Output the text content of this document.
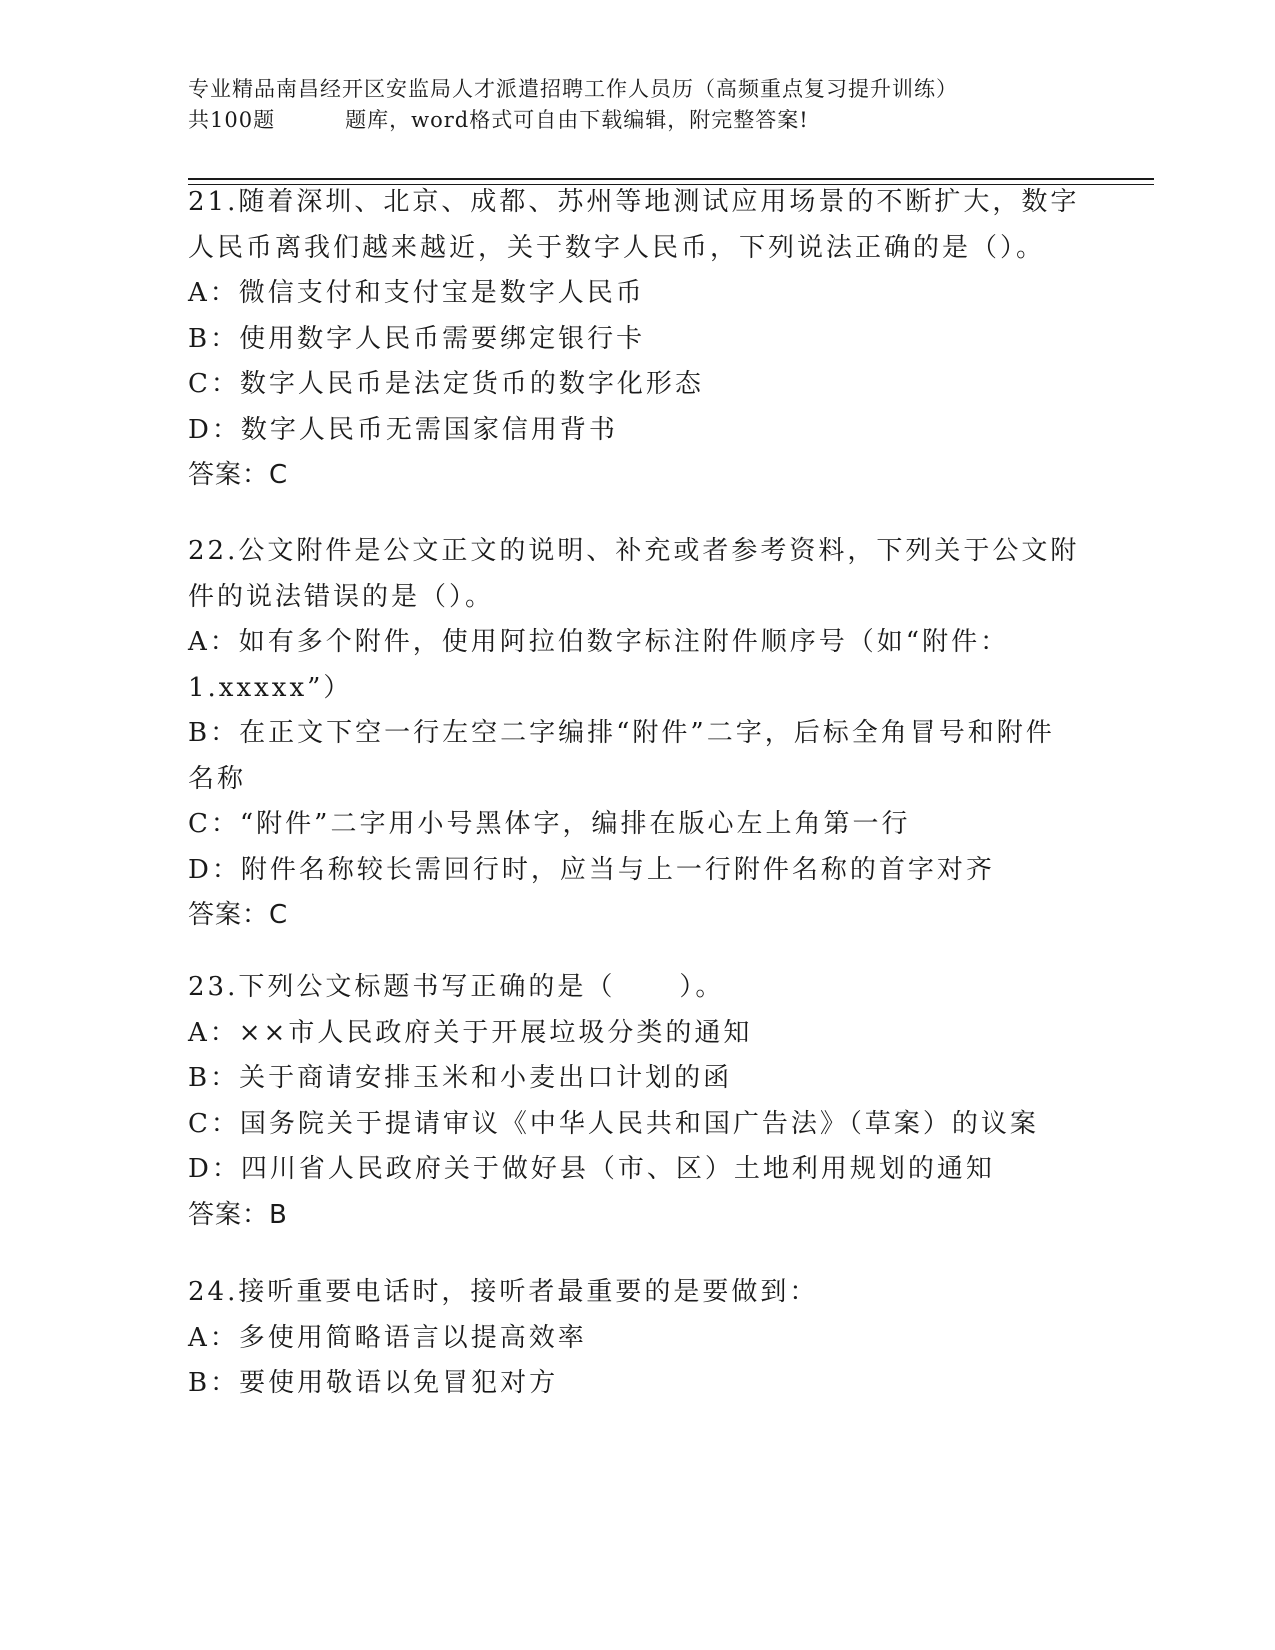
专业精品南昌经开区安监局人才派遣招聘工作人员历（高频重点复习提升训练）
共100题	题库，word格式可自由下载编辑，附完整答案!
21.随着深圳、北京、成都、苏州等地测试应用场景的不断扩大，数字
人民币离我们越来越近，关于数字人民币，下列说法正确的是（）。
A：微信支付和支付宝是数字人民币
B：使用数字人民币需要绑定银行卡
C：数字人民币是法定货币的数字化形态
D：数字人民币无需国家信用背书
答案：C
22.公文附件是公文正文的说明、补充或者参考资料，下列关于公文附
件的说法错误的是（）。
A：如有多个附件，使用阿拉伯数字标注附件顺序号（如“附件：
1.xxxxx”）
B：在正文下空一行左空二字编排“附件”二字，后标全角冒号和附件
名称
C：“附件”二字用小号黑体字，编排在版心左上角第一行
D：附件名称较长需回行时，应当与上一行附件名称的首字对齐
答案：C
23.下列公文标题书写正确的是（ ）。
A：××市人民政府关于开展垃圾分类的通知
B：关于商请安排玉米和小麦出口计划的函
C：国务院关于提请审议《中华人民共和国广告法》（草案）的议案
D：四川省人民政府关于做好县（市、区）土地利用规划的通知
答案：B
24.接听重要电话时，接听者最重要的是要做到：
A：多使用简略语言以提高效率
B：要使用敬语以免冒犯对方
